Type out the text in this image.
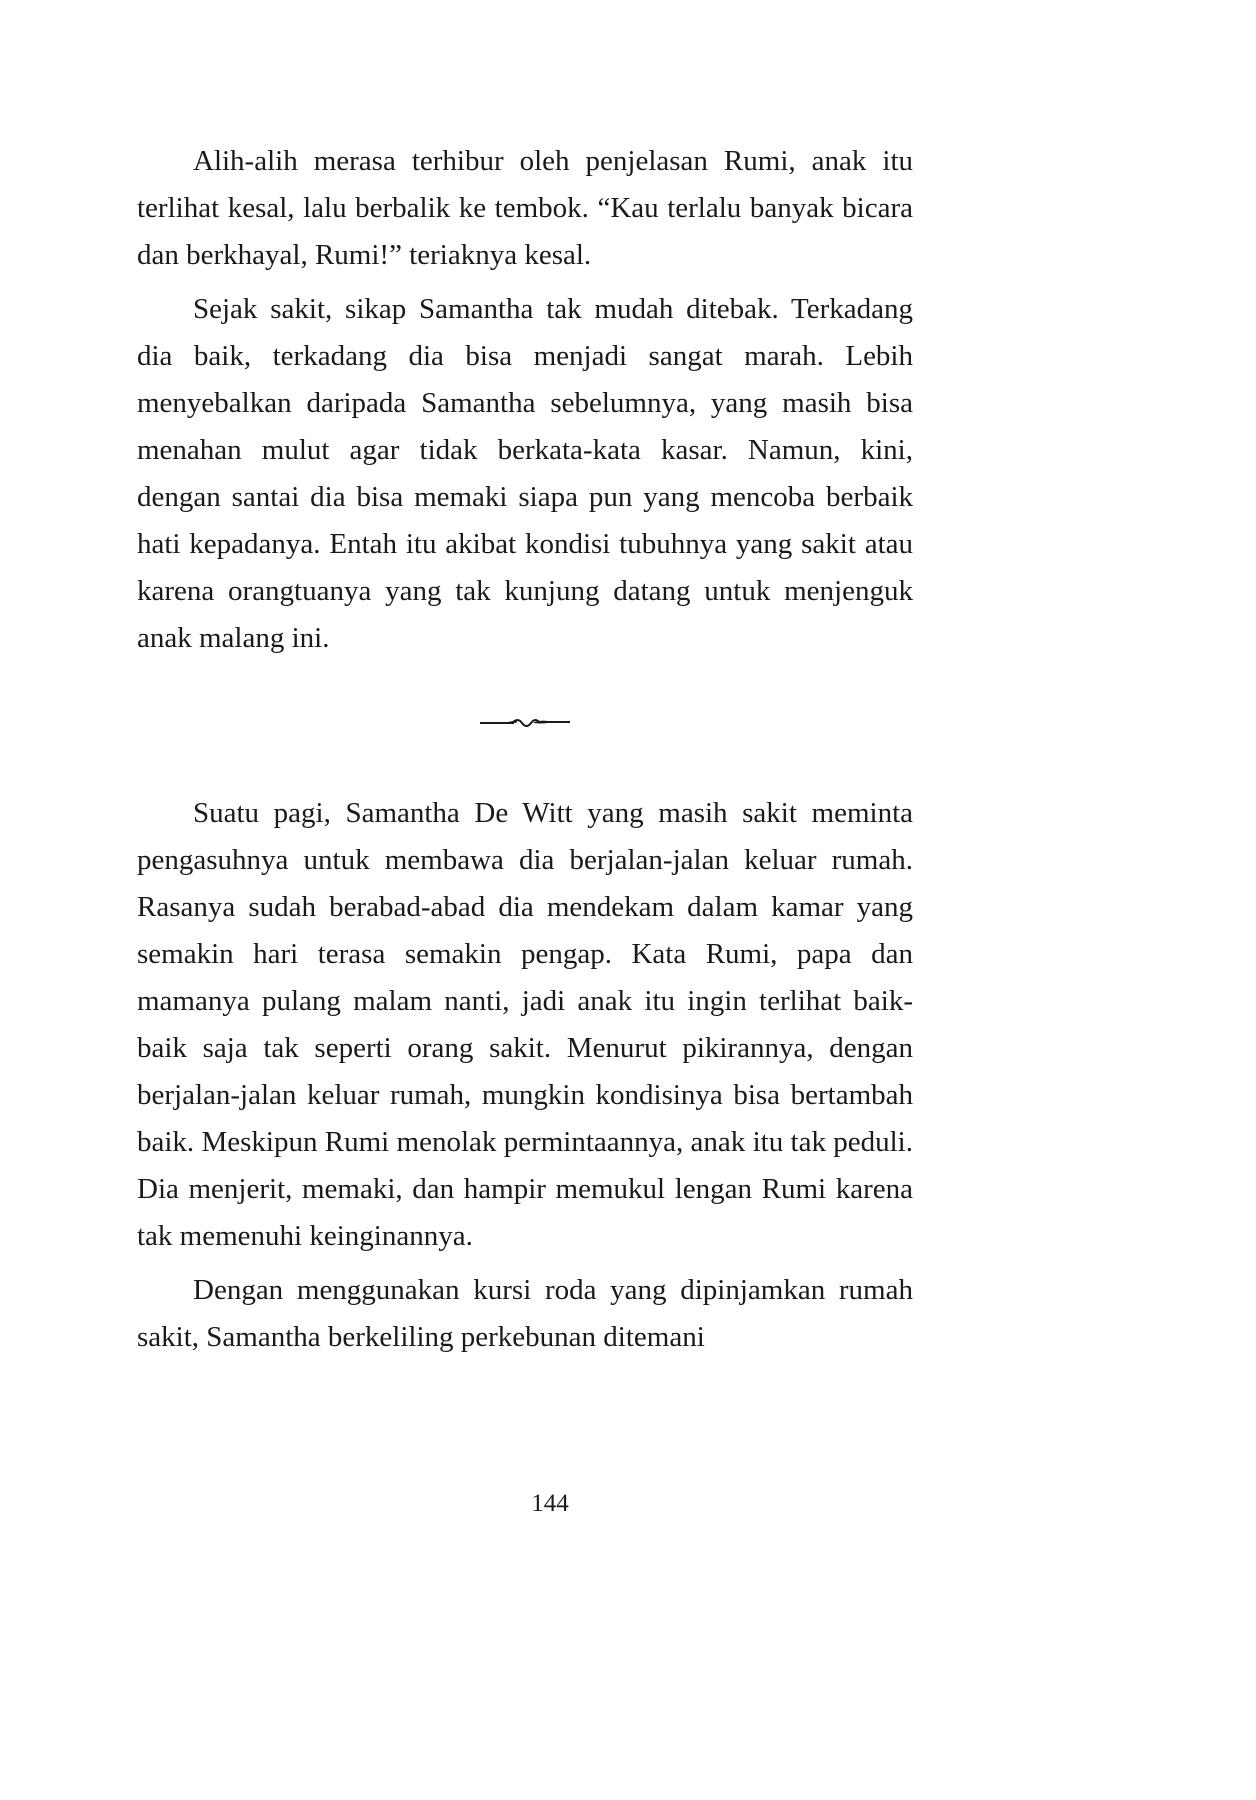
Alih-alih merasa terhibur oleh penjelasan Rumi, anak itu terlihat kesal, lalu berbalik ke tembok. “Kau terlalu banyak bicara dan berkhayal, Rumi!” teriaknya kesal.

Sejak sakit, sikap Samantha tak mudah ditebak. Terkadang dia baik, terkadang dia bisa menjadi sangat marah. Lebih menyebalkan daripada Samantha sebelumnya, yang masih bisa menahan mulut agar tidak berkata-kata kasar. Namun, kini, dengan santai dia bisa memaki siapa pun yang mencoba berbaik hati kepadanya. Entah itu akibat kondisi tubuhnya yang sakit atau karena orangtuanya yang tak kunjung datang untuk menjenguk anak malang ini.

Suatu pagi, Samantha De Witt yang masih sakit meminta pengasuhnya untuk membawa dia berjalan-jalan keluar rumah. Rasanya sudah berabad-abad dia mendekam dalam kamar yang semakin hari terasa semakin pengap. Kata Rumi, papa dan mamanya pulang malam nanti, jadi anak itu ingin terlihat baik-baik saja tak seperti orang sakit. Menurut pikirannya, dengan berjalan-jalan keluar rumah, mungkin kondisinya bisa bertambah baik. Meskipun Rumi menolak permintaannya, anak itu tak peduli. Dia menjerit, memaki, dan hampir memukul lengan Rumi karena tak memenuhi keinginannya.

Dengan menggunakan kursi roda yang dipinjamkan rumah sakit, Samantha berkeliling perkebunan ditemani

144
